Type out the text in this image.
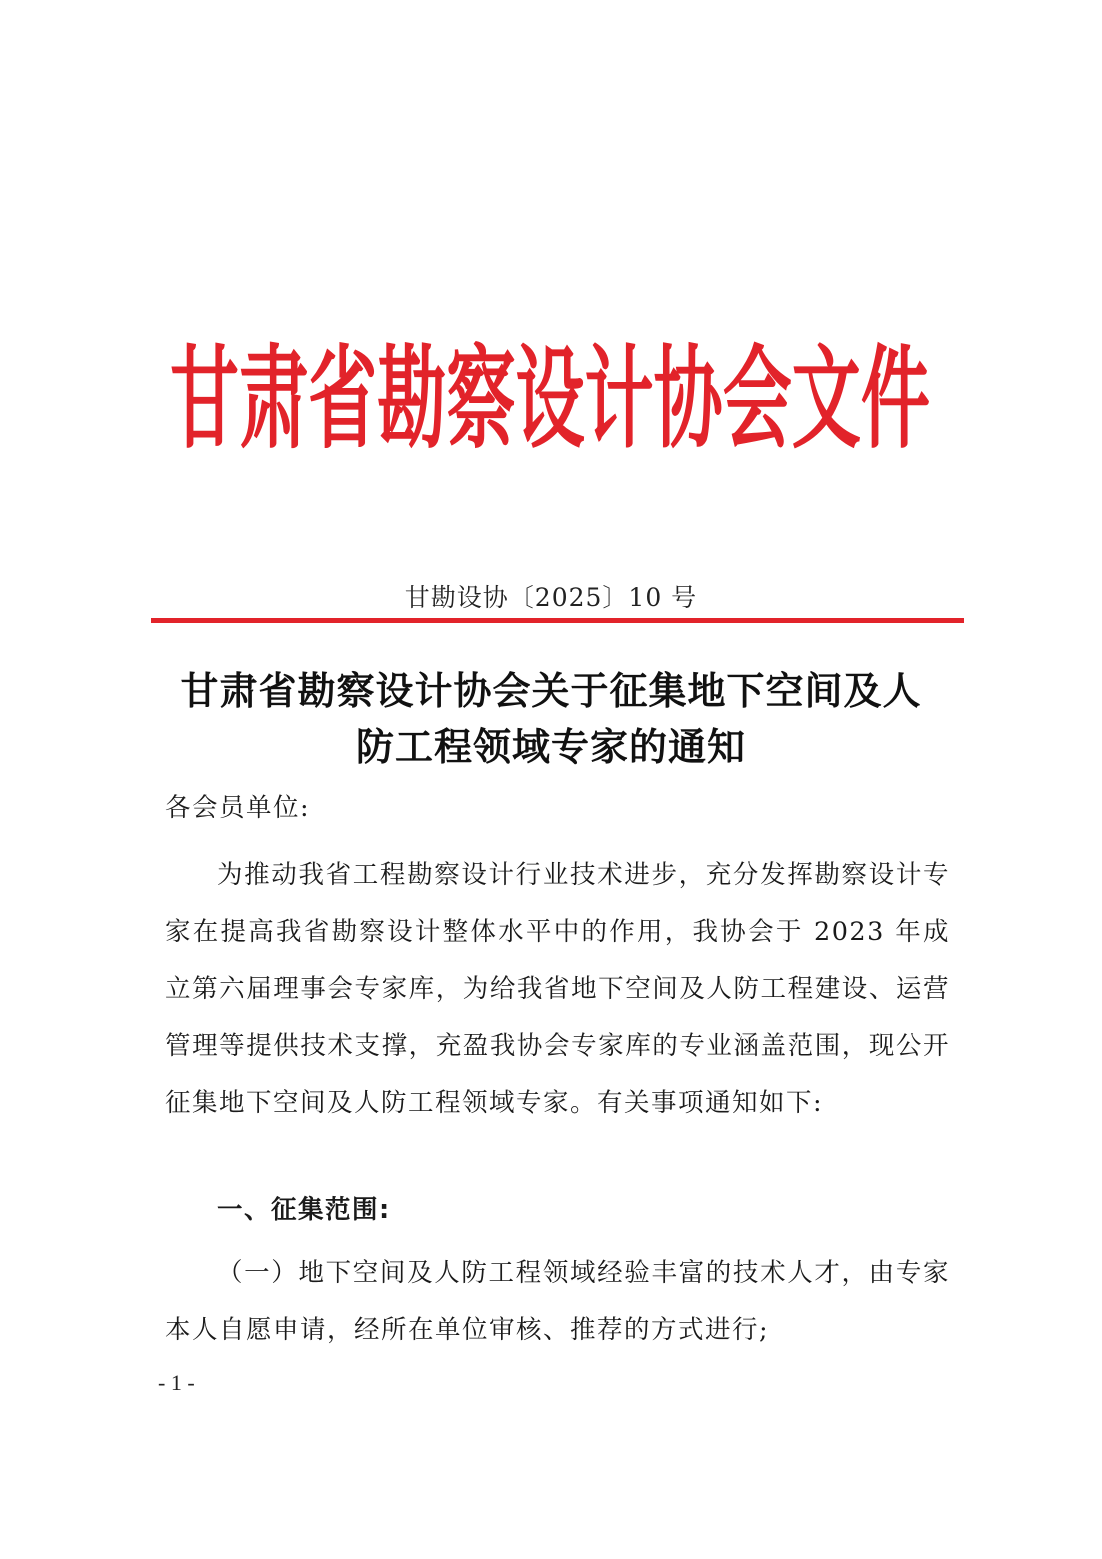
甘肃省勘察设计协会文件
甘勘设协〔2025〕10 号
甘肃省勘察设计协会关于征集地下空间及人
防工程领域专家的通知
各会员单位:
为推动我省工程勘察设计行业技术进步，充分发挥勘察设计专家在提高我省勘察设计整体水平中的作用，我协会于 2023 年成立第六届理事会专家库，为给我省地下空间及人防工程建设、运营管理等提供技术支撑，充盈我协会专家库的专业涵盖范围，现公开征集地下空间及人防工程领域专家。有关事项通知如下:
一、征集范围:
（一）地下空间及人防工程领域经验丰富的技术人才，由专家本人自愿申请，经所在单位审核、推荐的方式进行;
- 1 -
